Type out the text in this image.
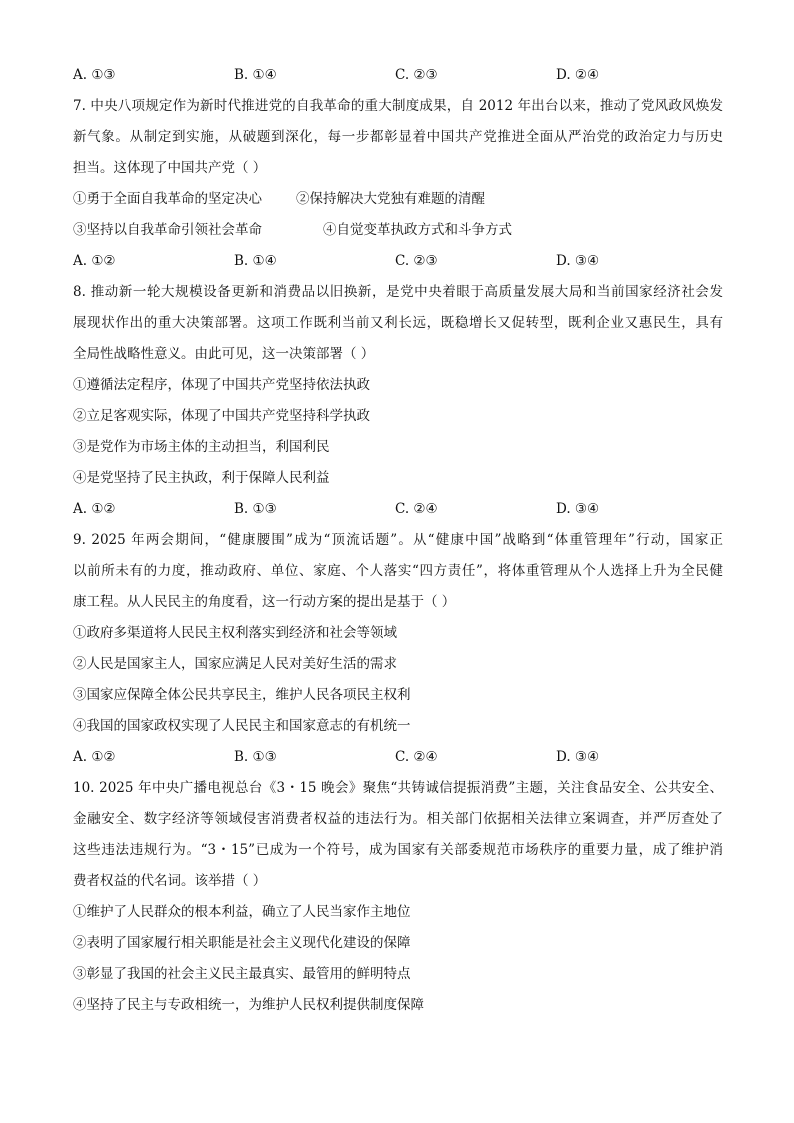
A. ①③	B. ①④	C. ②③	D. ②④
7. 中央八项规定作为新时代推进党的自我革命的重大制度成果，自 2012 年出台以来，推动了党风政风焕发
新气象。从制定到实施，从破题到深化，每一步都彰显着中国共产党推进全面从严治党的政治定力与历史
担当。这体现了中国共产党（ ）
①勇于全面自我革命的坚定决心	②保持解决大党独有难题的清醒
③坚持以自我革命引领社会革命	④自觉变革执政方式和斗争方式
A. ①②	B. ①④	C. ②③	D. ③④
8. 推动新一轮大规模设备更新和消费品以旧换新，是党中央着眼于高质量发展大局和当前国家经济社会发
展现状作出的重大决策部署。这项工作既利当前又利长远，既稳增长又促转型，既利企业又惠民生，具有
全局性战略性意义。由此可见，这一决策部署（ ）
①遵循法定程序，体现了中国共产党坚持依法执政
②立足客观实际，体现了中国共产党坚持科学执政
③是党作为市场主体的主动担当，利国利民
④是党坚持了民主执政，利于保障人民利益
A. ①②	B. ①③	C. ②④	D. ③④
9. 2025 年两会期间，“健康腰围”成为“顶流话题”。从“健康中国”战略到“体重管理年”行动，国家正
以前所未有的力度，推动政府、单位、家庭、个人落实“四方责任”，将体重管理从个人选择上升为全民健
康工程。从人民民主的角度看，这一行动方案的提出是基于（ ）
①政府多渠道将人民民主权利落实到经济和社会等领域
②人民是国家主人，国家应满足人民对美好生活的需求
③国家应保障全体公民共享民主，维护人民各项民主权利
④我国的国家政权实现了人民民主和国家意志的有机统一
A. ①②	B. ①③	C. ②④	D. ③④
10. 2025 年中央广播电视总台《3・15 晚会》聚焦“共铸诚信提振消费”主题，关注食品安全、公共安全、
金融安全、数字经济等领域侵害消费者权益的违法行为。相关部门依据相关法律立案调查，并严厉查处了
这些违法违规行为。“3・15”已成为一个符号，成为国家有关部委规范市场秩序的重要力量，成了维护消
费者权益的代名词。该举措（ ）
①维护了人民群众的根本利益，确立了人民当家作主地位
②表明了国家履行相关职能是社会主义现代化建设的保障
③彰显了我国的社会主义民主最真实、最管用的鲜明特点
④坚持了民主与专政相统一，为维护人民权利提供制度保障
